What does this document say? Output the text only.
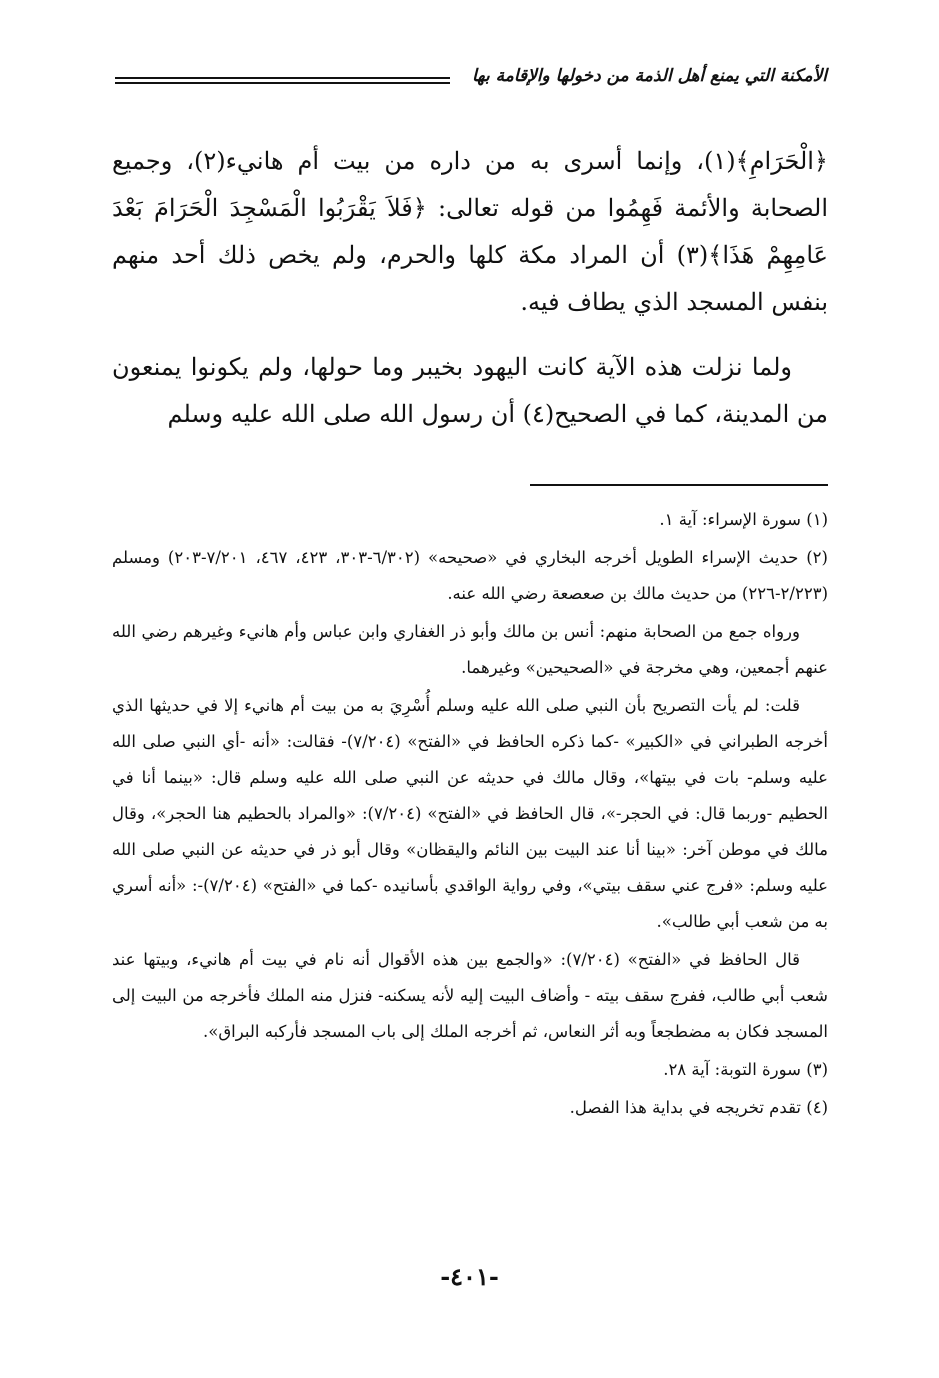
الأمكنة التي يمنع أهل الذمة من دخولها والإقامة بها

﴿الْحَرَامِ﴾(١)، وإنما أسرى به من داره من بيت أم هانيء(٢)، وجميع الصحابة والأئمة فَهِمُوا من قوله تعالى: ﴿فَلاَ يَقْرَبُوا الْمَسْجِدَ الْحَرَامَ بَعْدَ عَامِهِمْ هَذَا﴾(٣) أن المراد مكة كلها والحرم، ولم يخص ذلك أحد منهم بنفس المسجد الذي يطاف فيه.

ولما نزلت هذه الآية كانت اليهود بخيبر وما حولها، ولم يكونوا يمنعون من المدينة، كما في الصحيح(٤) أن رسول الله صلى الله عليه وسلم

(١) سورة الإسراء: آية ١.

(٢) حديث الإسراء الطويل أخرجه البخاري في «صحيحه» (٦/٣٠٢-٣٠٣، ٤٢٣، ٤٦٧، ٧/٢٠١-٢٠٣) ومسلم (٢/٢٢٣-٢٢٦) من حديث مالك بن صعصعة رضي الله عنه.

ورواه جمع من الصحابة منهم: أنس بن مالك وأبو ذر الغفاري وابن عباس وأم هانيء وغيرهم رضي الله عنهم أجمعين، وهي مخرجة في «الصحيحين» وغيرهما.

قلت: لم يأت التصريح بأن النبي صلى الله عليه وسلم أُسْرِيَ به من بيت أم هانيء إلا في حديثها الذي أخرجه الطبراني في «الكبير» -كما ذكره الحافظ في «الفتح» (٧/٢٠٤)- فقالت: «أنه -أي النبي صلى الله عليه وسلم- بات في بيتها»، وقال مالك في حديثه عن النبي صلى الله عليه وسلم قال: «بينما أنا في الحطيم -وربما قال: في الحجر-»، قال الحافظ في «الفتح» (٧/٢٠٤): «والمراد بالحطيم هنا الحجر»، وقال مالك في موطن آخر: «بينا أنا عند البيت بين النائم واليقظان» وقال أبو ذر في حديثه عن النبي صلى الله عليه وسلم: «فرج عني سقف بيتي»، وفي رواية الواقدي بأسانيده -كما في «الفتح» (٧/٢٠٤)-: «أنه أسري به من شعب أبي طالب».

قال الحافظ في «الفتح» (٧/٢٠٤): «والجمع بين هذه الأقوال أنه نام في بيت أم هانيء، وبيتها عند شعب أبي طالب، ففرج سقف بيته - وأضاف البيت إليه لأنه يسكنه- فنزل منه الملك فأخرجه من البيت إلى المسجد فكان به مضطجعاً وبه أثر النعاس، ثم أخرجه الملك إلى باب المسجد فأركبه البراق».

(٣) سورة التوبة: آية ٢٨.

(٤) تقدم تخريجه في بداية هذا الفصل.

-٤٠١-
